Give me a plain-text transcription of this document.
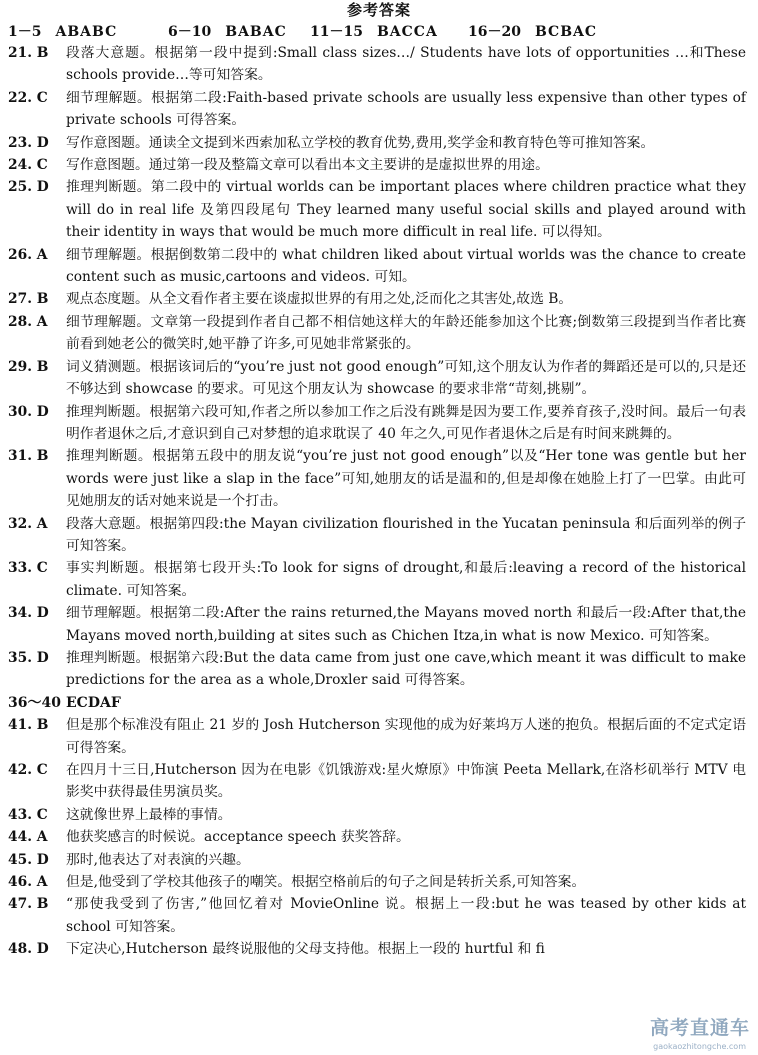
参考答案
1－5 ABABC	6－10 BABAC 11－15 BACCA 16－20 BCBAC
21. B	段落大意题。根据第一段中提到:Small class sizes…/ Students have lots of opportunities …和These schools provide…等可知答案。
22. C	细节理解题。根据第二段:Faith-based private schools are usually less expensive than other types of private schools 可得答案。
23. D	写作意图题。通读全文提到米西索加私立学校的教育优势,费用,奖学金和教育特色等可推知答案。
24. C	写作意图题。通过第一段及整篇文章可以看出本文主要讲的是虚拟世界的用途。
25. D	推理判断题。第二段中的 virtual worlds can be important places where children practice what they will do in real life 及第四段尾句 They learned many useful social skills and played around with their identity in ways that would be much more difficult in real life. 可以得知。
26. A	细节理解题。根据倒数第二段中的 what children liked about virtual worlds was the chance to create content such as music,cartoons and videos. 可知。
27. B	观点态度题。从全文看作者主要在谈虚拟世界的有用之处,泛而化之其害处,故选 B。
28. A	细节理解题。文章第一段提到作者自己都不相信她这样大的年龄还能参加这个比赛;倒数第三段提到当作者比赛前看到她老公的微笑时,她平静了许多,可见她非常紧张的。
29. B	词义猜测题。根据该词后的“you’re just not good enough”可知,这个朋友认为作者的舞蹈还是可以的,只是还不够达到 showcase 的要求。可见这个朋友认为 showcase 的要求非常“苛刻,挑剔”。
30. D	推理判断题。根据第六段可知,作者之所以参加工作之后没有跳舞是因为要工作,要养育孩子,没时间。最后一句表明作者退休之后,才意识到自己对梦想的追求耽误了 40 年之久,可见作者退休之后是有时间来跳舞的。
31. B	推理判断题。根据第五段中的朋友说“you’re just not good enough”以及“Her tone was gentle but her words were just like a slap in the face”可知,她朋友的话是温和的,但是却像在她脸上打了一巴掌。由此可见她朋友的话对她来说是一个打击。
32. A	段落大意题。根据第四段:the Mayan civilization flourished in the Yucatan peninsula 和后面列举的例子可知答案。
33. C	事实判断题。根据第七段开头:To look for signs of drought,和最后:leaving a record of the historical climate. 可知答案。
34. D	细节理解题。根据第二段:After the rains returned,the Mayans moved north 和最后一段:After that,the Mayans moved north,building at sites such as Chichen Itza,in what is now Mexico. 可知答案。
35. D	推理判断题。根据第六段:But the data came from just one cave,which meant it was difficult to make predictions for the area as a whole,Droxler said 可得答案。
36～40 ECDAF
41. B	但是那个标准没有阻止 21 岁的 Josh Hutcherson 实现他的成为好莱坞万人迷的抱负。根据后面的不定式定语可得答案。
42. C	在四月十三日,Hutcherson 因为在电影《饥饿游戏:星火燎原》中饰演 Peeta Mellark,在洛杉矶举行 MTV 电影奖中获得最佳男演员奖。
43. C	这就像世界上最棒的事情。
44. A	他获奖感言的时候说。acceptance speech 获奖答辞。
45. D	那时,他表达了对表演的兴趣。
46. A	但是,他受到了学校其他孩子的嘲笑。根据空格前后的句子之间是转折关系,可知答案。
47. B	“那使我受到了伤害,”他回忆着对 MovieOnline 说。根据上一段:but he was teased by other kids at school 可知答案。
48. D	下定决心,Hutcherson 最终说服他的父母支持他。根据上一段的 hurtful 和 fi
高考直通车
gaokaozhitongche.com
